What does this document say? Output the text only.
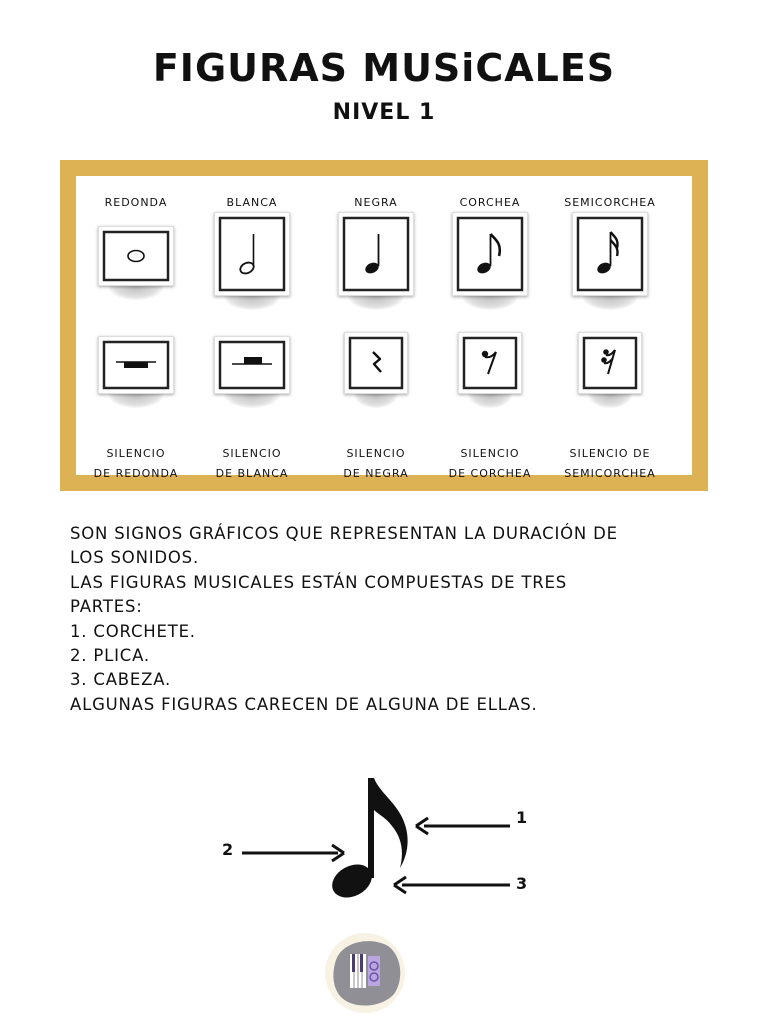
FIGURAS MUSiCALES
NIVEL 1
REDONDA
SILENCIO
DE REDONDA
BLANCA
SILENCIO
DE BLANCA
NEGRA
SILENCIO
DE NEGRA
CORCHEA
SILENCIO
DE CORCHEA
SEMICORCHEA
SILENCIO DE
SEMICORCHEA

SON SIGNOS GRÁFICOS QUE REPRESENTAN LA DURACIÓN DE

LOS SONIDOS.

LAS FIGURAS MUSICALES ESTÁN COMPUESTAS DE TRES

PARTES:

1. CORCHETE.

2. PLICA.

3. CABEZA.

ALGUNAS FIGURAS CARECEN DE ALGUNA DE ELLAS.

1
2
3
